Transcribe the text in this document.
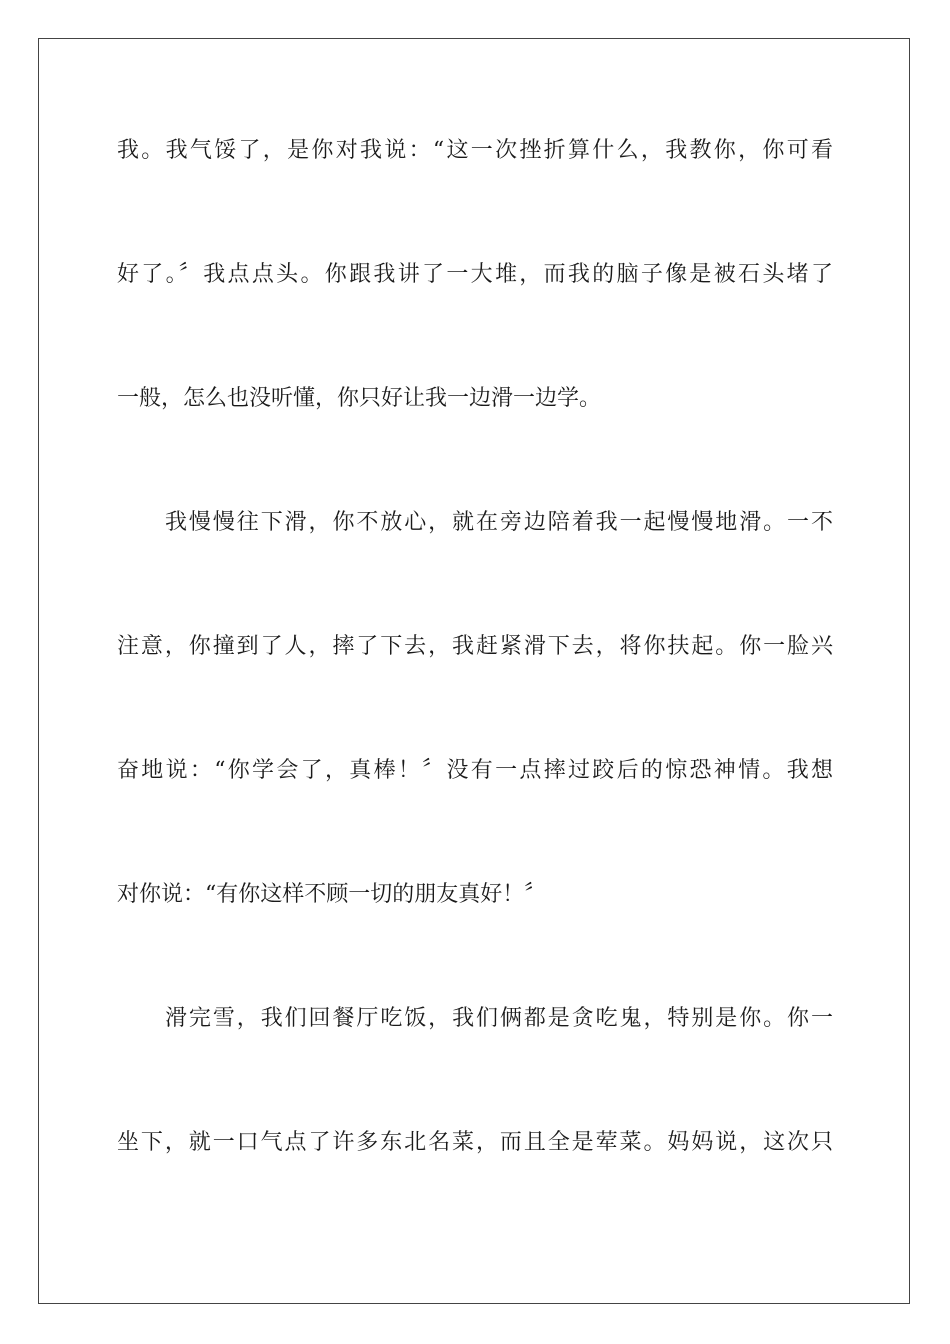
我。我气馁了，是你对我说：“这一次挫折算什么，我教你，你可看
好了。〞我点点头。你跟我讲了一大堆，而我的脑子像是被石头堵了
一般，怎么也没听懂，你只好让我一边滑一边学。
我慢慢往下滑，你不放心，就在旁边陪着我一起慢慢地滑。一不
注意，你撞到了人，摔了下去，我赶紧滑下去，将你扶起。你一脸兴
奋地说：“你学会了，真棒！〞没有一点摔过跤后的惊恐神情。我想
对你说：“有你这样不顾一切的朋友真好！〞
滑完雪，我们回餐厅吃饭，我们俩都是贪吃鬼，特别是你。你一
坐下，就一口气点了许多东北名菜，而且全是荤菜。妈妈说，这次只
